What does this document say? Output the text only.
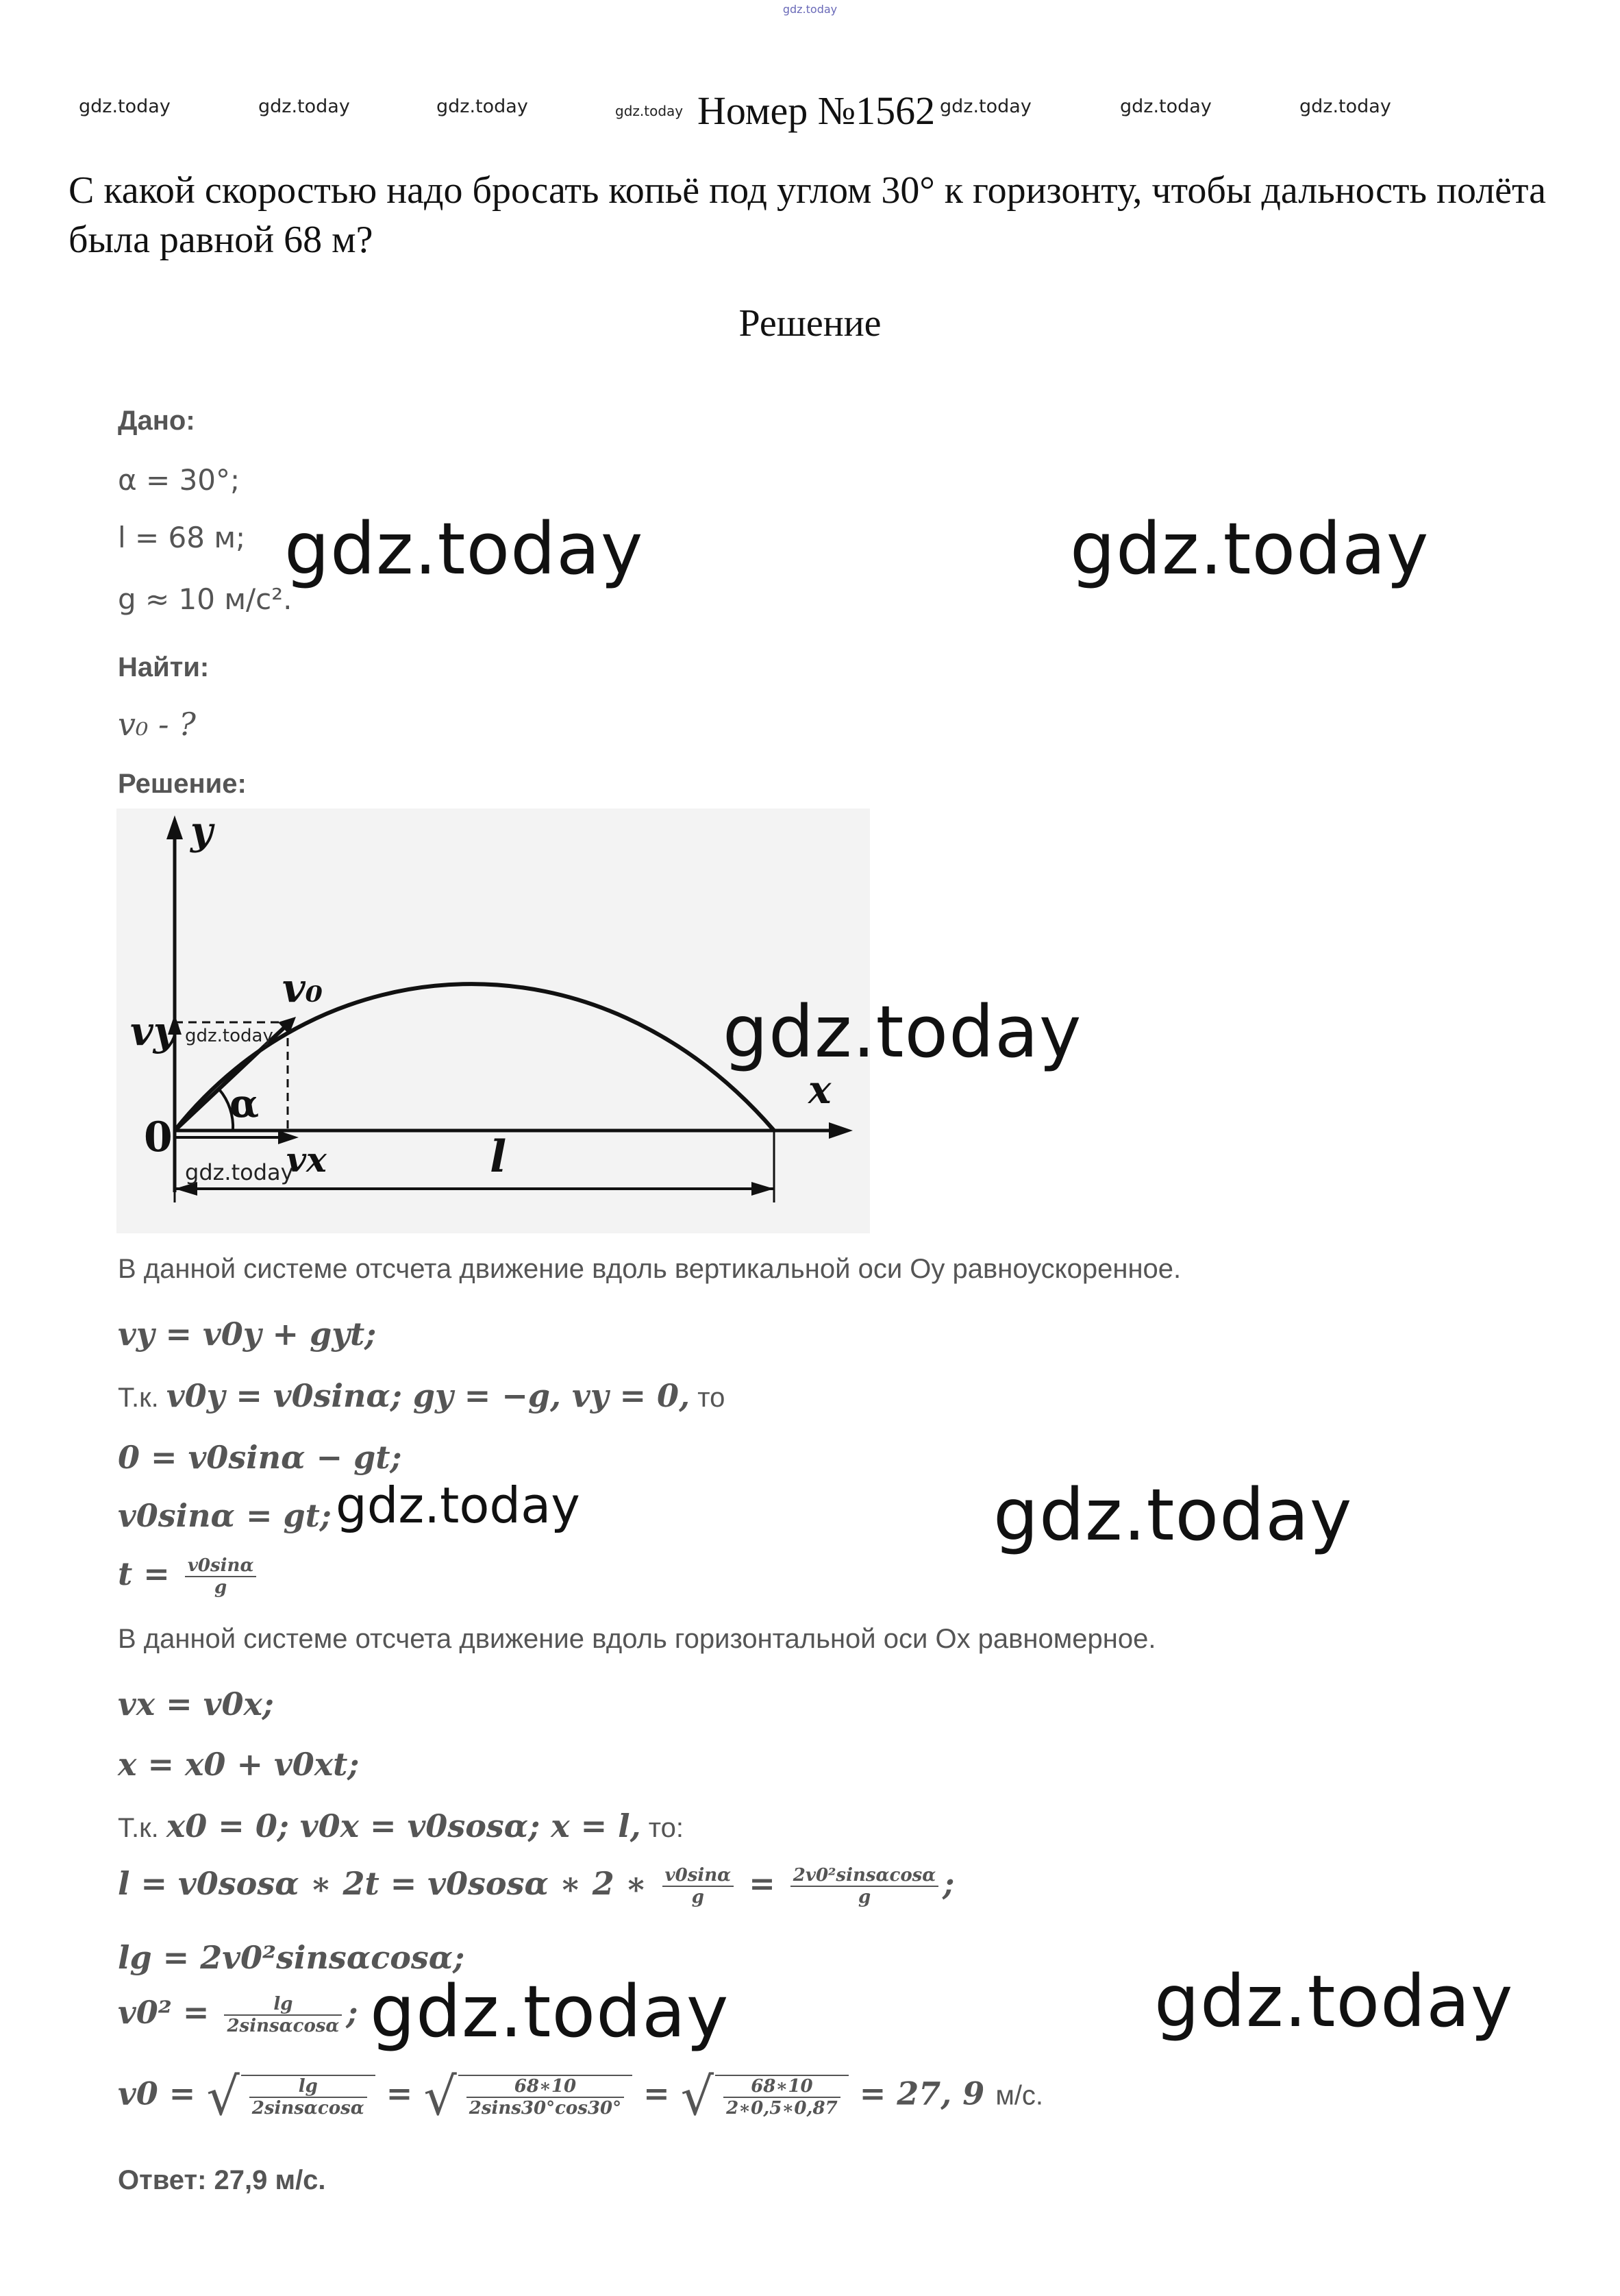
gdz.today
gdz.today	gdz.today	gdz.today	gdz.today Номер №1562 gdz.today	gdz.today	gdz.today
С какой скоростью надо бросать копьё под углом 30° к горизонту, чтобы дальность полёта была равной 68 м?
Решение
Дано:
α = 30°;
l = 68 м;
g ≈ 10 м/с².
Найти:
v₀ - ?
Решение:
gdz.today	gdz.today
y
x
0
v₀
vy
vx
α
l
gdz.today
gdz.today
gdz.today
В данной системе отсчета движение вдоль вертикальной оси Oy равноускоренное.
vy = v0y + gyt;
Т.к. v0y = v0sinα; gy = −g, vy = 0, то
0 = v0sinα − gt;
v0sinα = gt;
$t = \frac{v0\sin\alpha}{g}$
gdz.today	gdz.today
В данной системе отсчета движение вдоль горизонтальной оси Ox равномерное.
vx = v0x;
x = x0 + v0xt;
Т.к. x0 = 0; v0x = v0sosα; x = l, то:
l = v0sosα ∗ 2t = v0sosα ∗ 2 ∗ $\frac{v0\sin\alpha}{g} = \frac{\text{2v0²sinsαcosα}}{g}$ ;
lg = 2v0²sinsαcosα;
$v0^2 = \frac{\lg}{2\sin s\alpha\cos\alpha}$ ; gdz.today	gdz.today
v0 = √ $\frac{\lg}{2\sin s\alpha\cos\alpha}$ = √ $\frac{68∗10}{2\sin s30^\circ\cos 30^\circ}$ = √ $\frac{68∗10}{2∗0,5∗0,87} = 27$, 9 м/с.
Ответ: 27,9 м/с.
